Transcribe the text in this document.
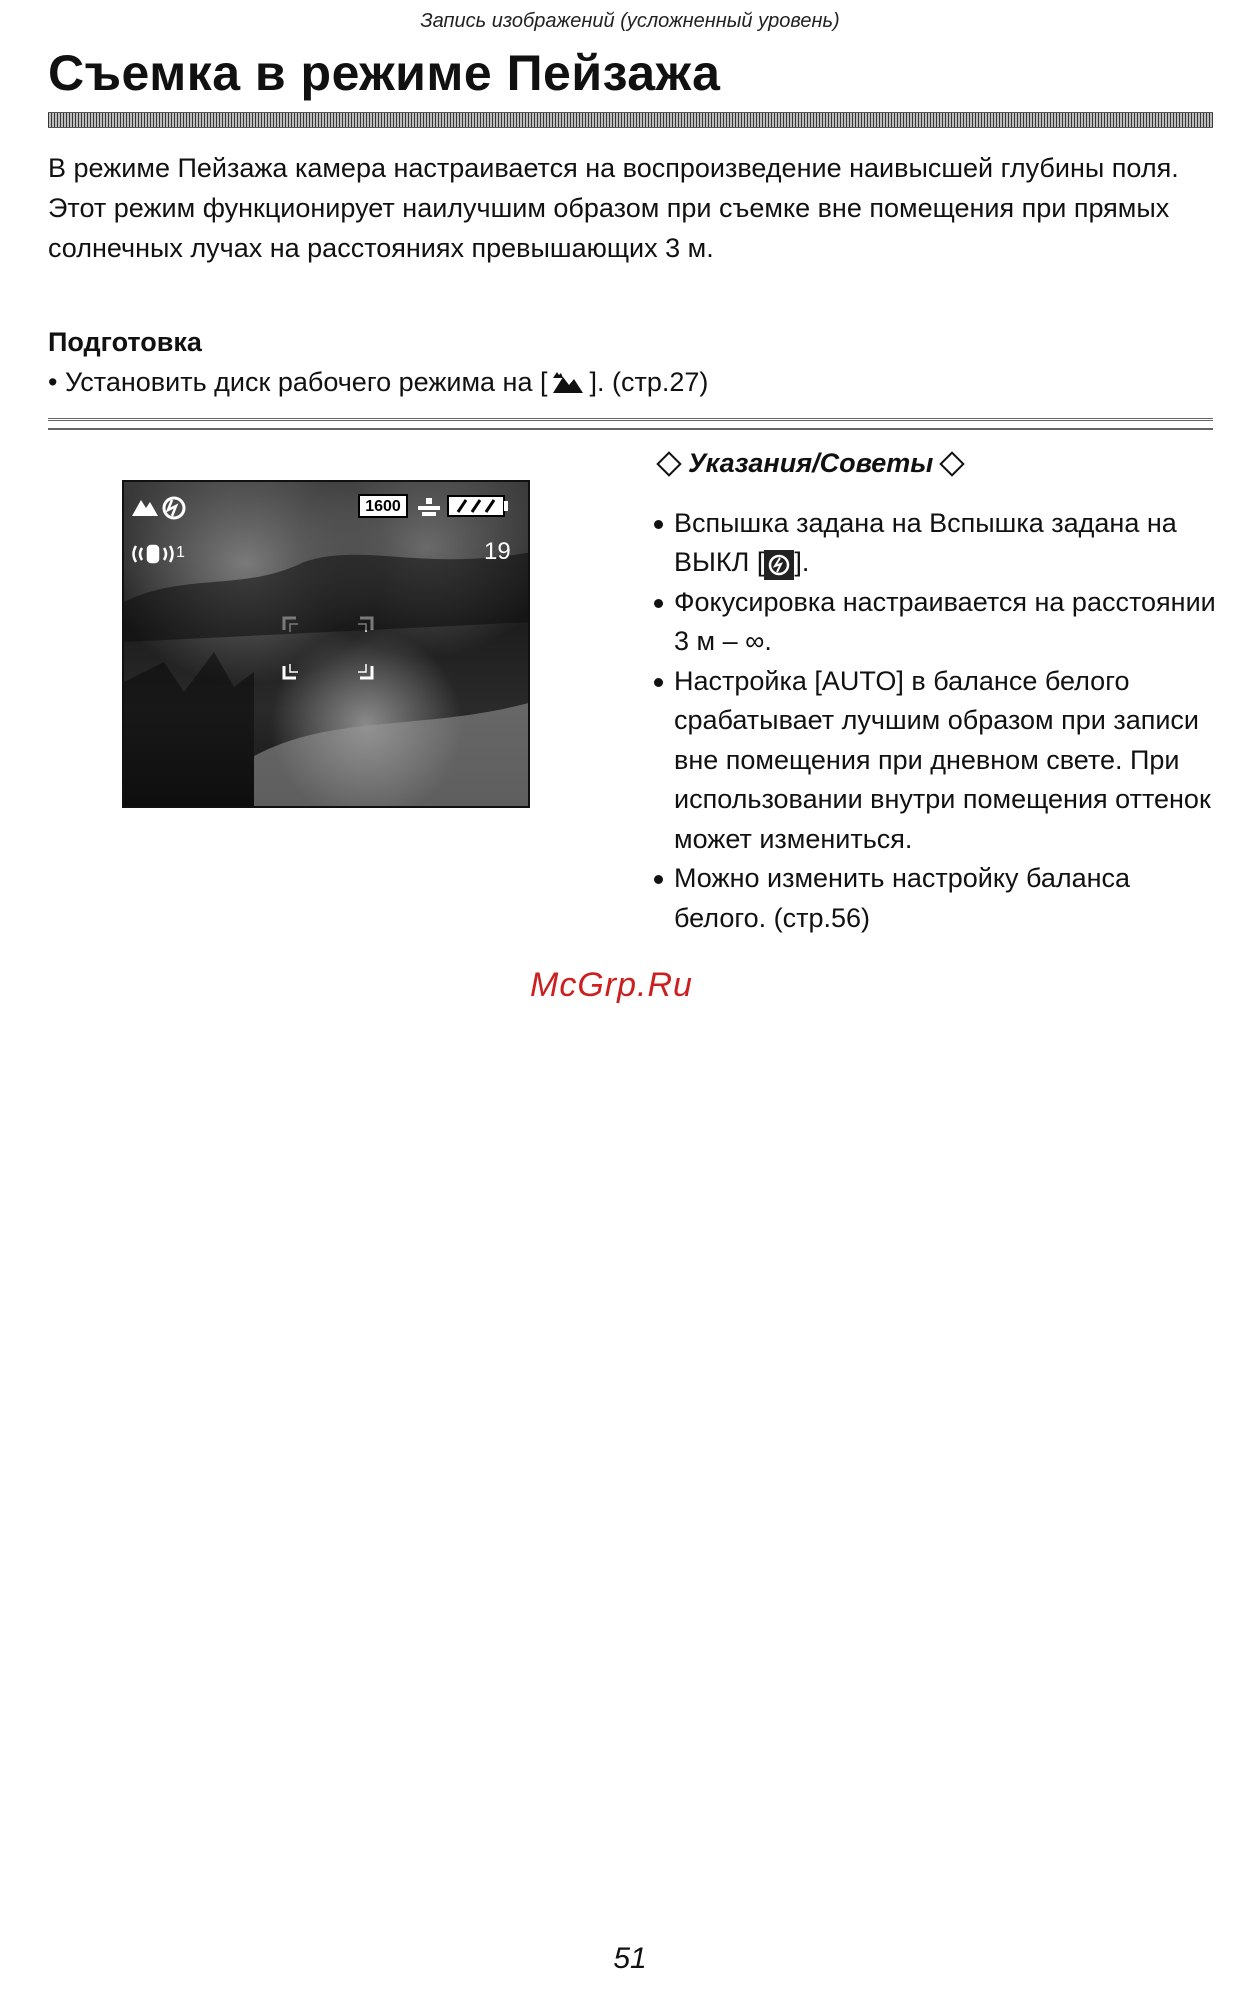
Запись изображений (усложненный уровень)
Съемка в режиме Пейзажа

В режиме Пейзажа камера настраивается на воспроизведение наивысшей глубины поля.

Этот режим функционирует наилучшим образом при съемке вне помещения при прямых солнечных лучах на расстояниях превышающих 3 м.

Подготовка

• Установить диск рабочего режима на [ ]. (стр.27)

1600
1	19

Указания/Советы

Вспышка задана на Вспышка задана на ВЫКЛ [ ].
Фокусировка настраивается на расстоянии 3 м – ∞.
Настройка [AUTO] в балансе белого срабатывает лучшим образом при записи вне помещения при дневном свете. При использовании внутри помещения оттенок может измениться.
Можно изменить настройку баланса белого. (стр.56)
McGrp.Ru
51
